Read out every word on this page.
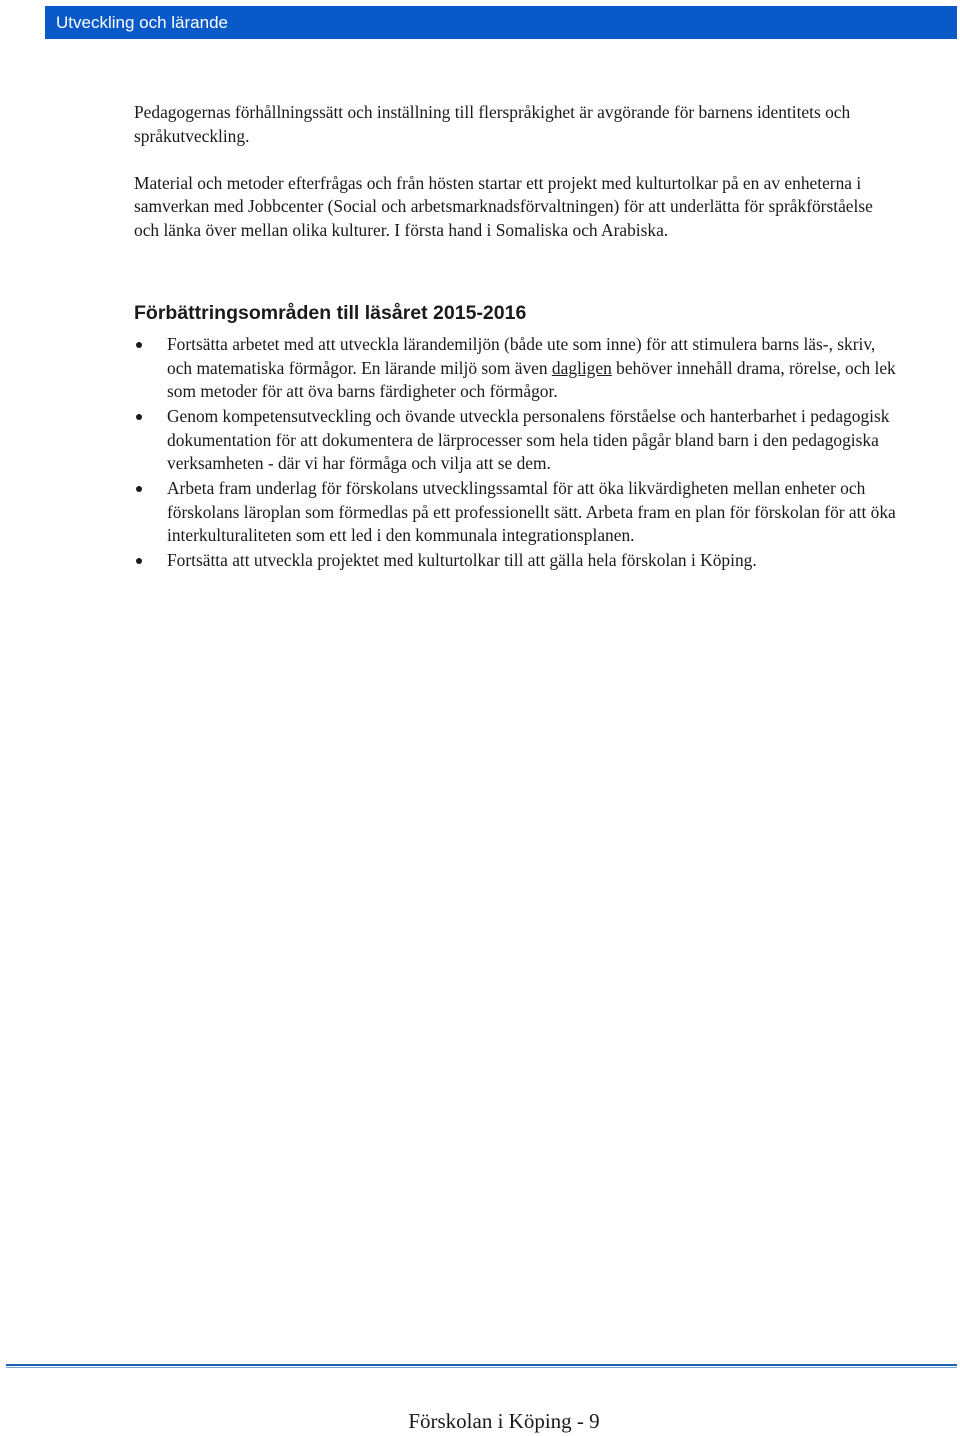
Utveckling och lärande

Pedagogernas förhållningssätt och inställning till flerspråkighet är avgörande för barnens identitets och språkutveckling.

Material och metoder efterfrågas och från hösten startar ett projekt med kulturtolkar på en av enheterna i samverkan med Jobbcenter (Social och arbetsmarknadsförvaltningen) för att underlätta för språkförståelse och länka över mellan olika kulturer. I första hand i Somaliska och Arabiska.

Förbättringsområden till läsåret 2015-2016
Fortsätta arbetet med att utveckla lärandemiljön (både ute som inne) för att stimulera barns läs-, skriv, och matematiska förmågor. En lärande miljö som även dagligen behöver innehåll drama, rörelse, och lek som metoder för att öva barns färdigheter och förmågor.
Genom kompetensutveckling och övande utveckla personalens förståelse och hanterbarhet i pedagogisk dokumentation för att dokumentera de lärprocesser som hela tiden pågår bland barn i den pedagogiska verksamheten - där vi har förmåga och vilja att se dem.
Arbeta fram underlag för förskolans utvecklingssamtal för att öka likvärdigheten mellan enheter och förskolans läroplan som förmedlas på ett professionellt sätt. Arbeta fram en plan för förskolan för att öka interkulturaliteten som ett led i den kommunala integrationsplanen.
Fortsätta att utveckla projektet med kulturtolkar till att gälla hela förskolan i Köping.
Förskolan i Köping - 9
